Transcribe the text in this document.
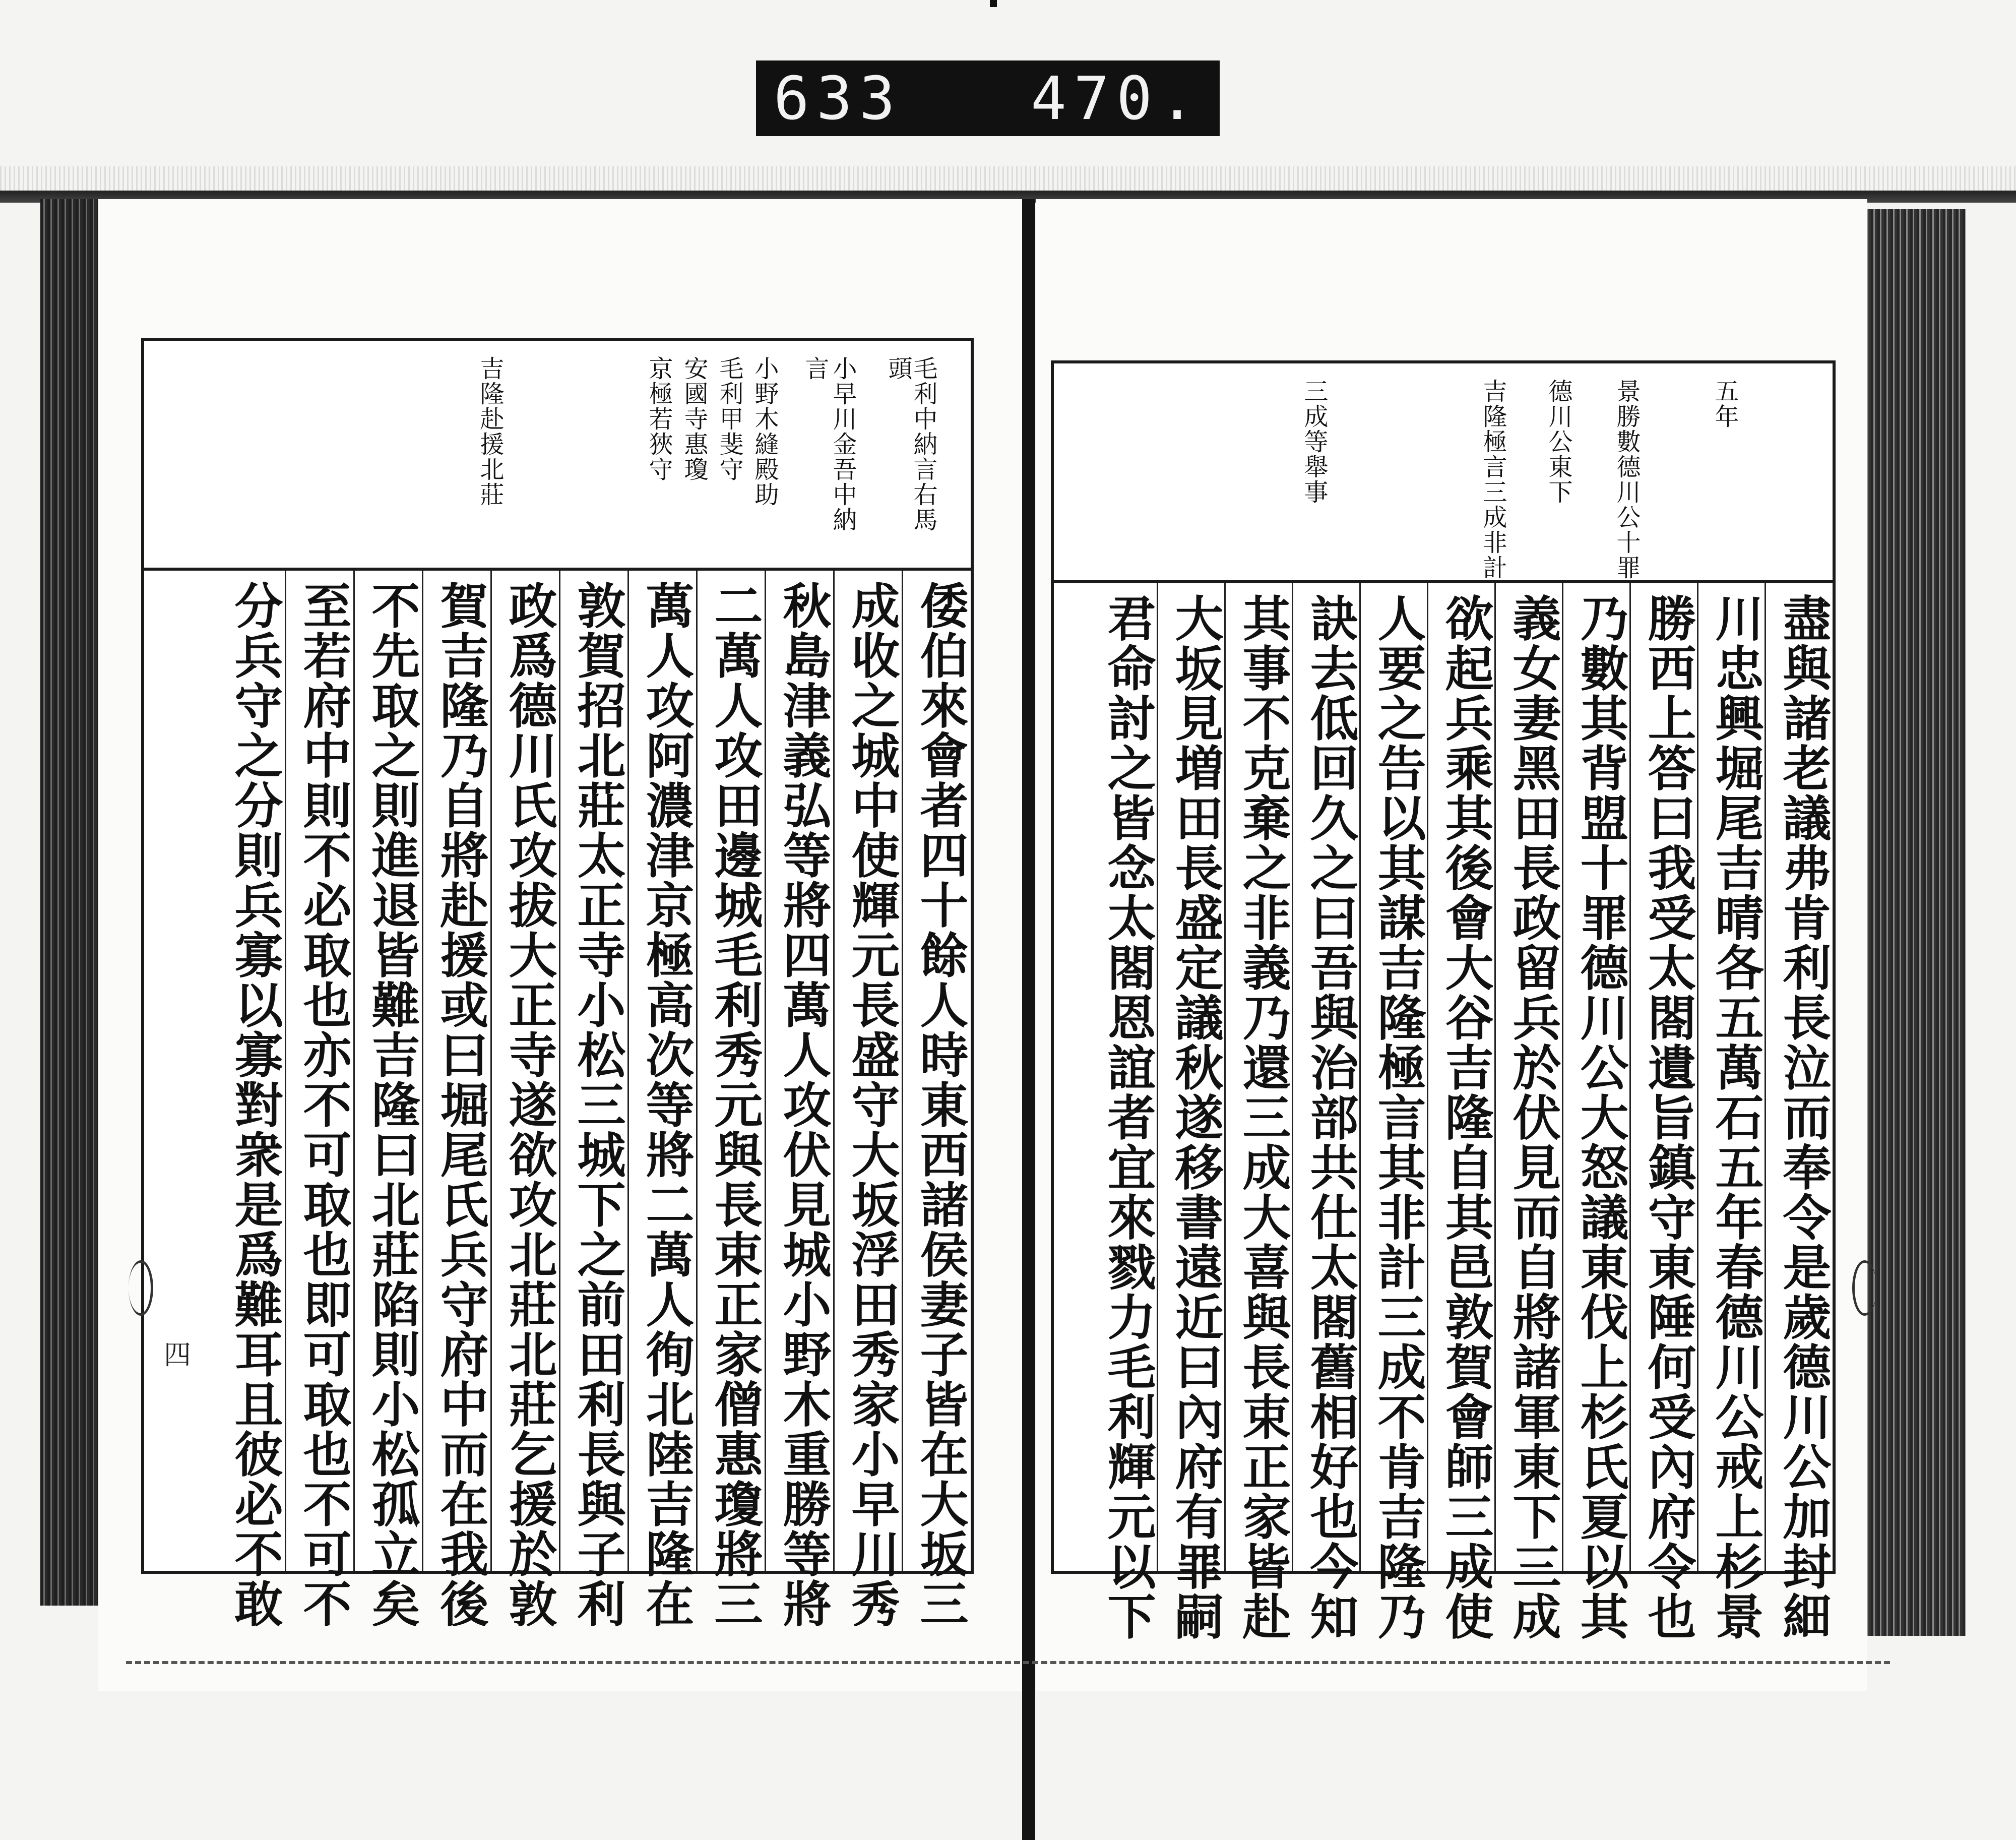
633   470.
毛利中納言右馬
頭
小早川金吾中納
言
小野木縫殿助
毛利甲斐守
安國寺惠瓊
京極若狹守
吉隆赴援北莊
倭伯來會者四十餘人時東西諸侯妻子皆在大坂三
成收之城中使輝元長盛守大坂浮田秀家小早川秀
秋島津義弘等將四萬人攻伏見城小野木重勝等將
二萬人攻田邊城毛利秀元與長束正家僧惠瓊將三
萬人攻阿濃津京極高次等將二萬人徇北陸吉隆在
敦賀招北莊太正寺小松三城下之前田利長與子利
政爲德川氏攻拔大正寺遂欲攻北莊北莊乞援於敦
賀吉隆乃自將赴援或曰堀尾氏兵守府中而在我後
不先取之則進退皆難吉隆曰北莊陷則小松孤立矣
至若府中則不必取也亦不可取也即可取也不可不
分兵守之分則兵寡以寡對衆是爲難耳且彼必不敢
四
五年
景勝數德川公十罪
德川公東下
吉隆極言三成非計
三成等舉事
盡與諸老議弗肯利長泣而奉令是歲德川公加封細
川忠興堀尾吉晴各五萬石五年春德川公戒上杉景
勝西上答曰我受太閤遺旨鎮守東陲何受內府令也
乃數其背盟十罪德川公大怒議東伐上杉氏夏以其
義女妻黑田長政留兵於伏見而自將諸軍東下三成
欲起兵乘其後會大谷吉隆自其邑敦賀會師三成使
人要之告以其謀吉隆極言其非計三成不肯吉隆乃
訣去低回久之曰吾與治部共仕太閤舊相好也今知
其事不克棄之非義乃還三成大喜與長束正家皆赴
大坂見増田長盛定議秋遂移書遠近曰內府有罪嗣
君命討之皆念太閤恩誼者宜來戮力毛利輝元以下
